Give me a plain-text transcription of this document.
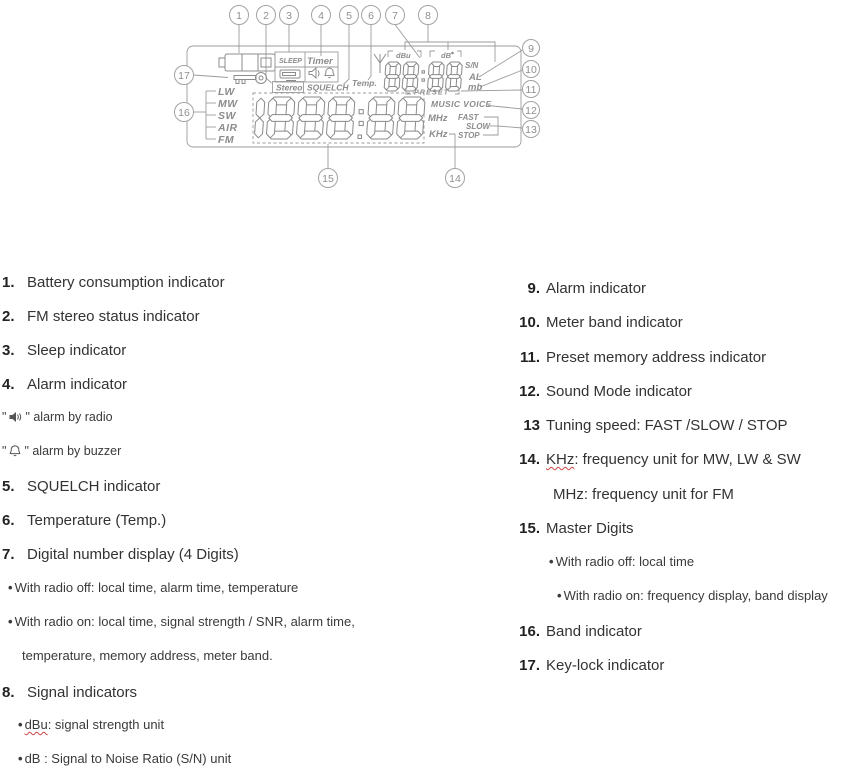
LW
MW
SW
AIR
FM
SLEEP Timer
Stereo SQUELCH Temp.
dBu	dB
S/N
AL
mb
PRESET
MUSIC VOICE
MHz
KHz
FAST
SLOW
STOP
1 2 3 4 5 6 7	8
9
10
11
12
13
14
15
16
17
1. Battery consumption indicator
2. FM stereo status indicator
3. Sleep indicator
4. Alarm indicator
" " alarm by radio
" " alarm by buzzer
5. SQUELCH indicator
6. Temperature (Temp.)
7. Digital number display (4 Digits)
• With radio off: local time, alarm time, temperature
• With radio on: local time, signal strength / SNR, alarm time,
temperature, memory address, meter band.
8. Signal indicators
• dBu: signal strength unit
• dB : Signal to Noise Ratio (S/N) unit
9. Alarm indicator
10. Meter band indicator
11. Preset memory address indicator
12. Sound Mode indicator
13 Tuning speed: FAST /SLOW / STOP
14. KHz: frequency unit for MW, LW & SW
MHz: frequency unit for FM
15. Master Digits
• With radio off: local time
• With radio on: frequency display, band display
16. Band indicator
17. Key-lock indicator
